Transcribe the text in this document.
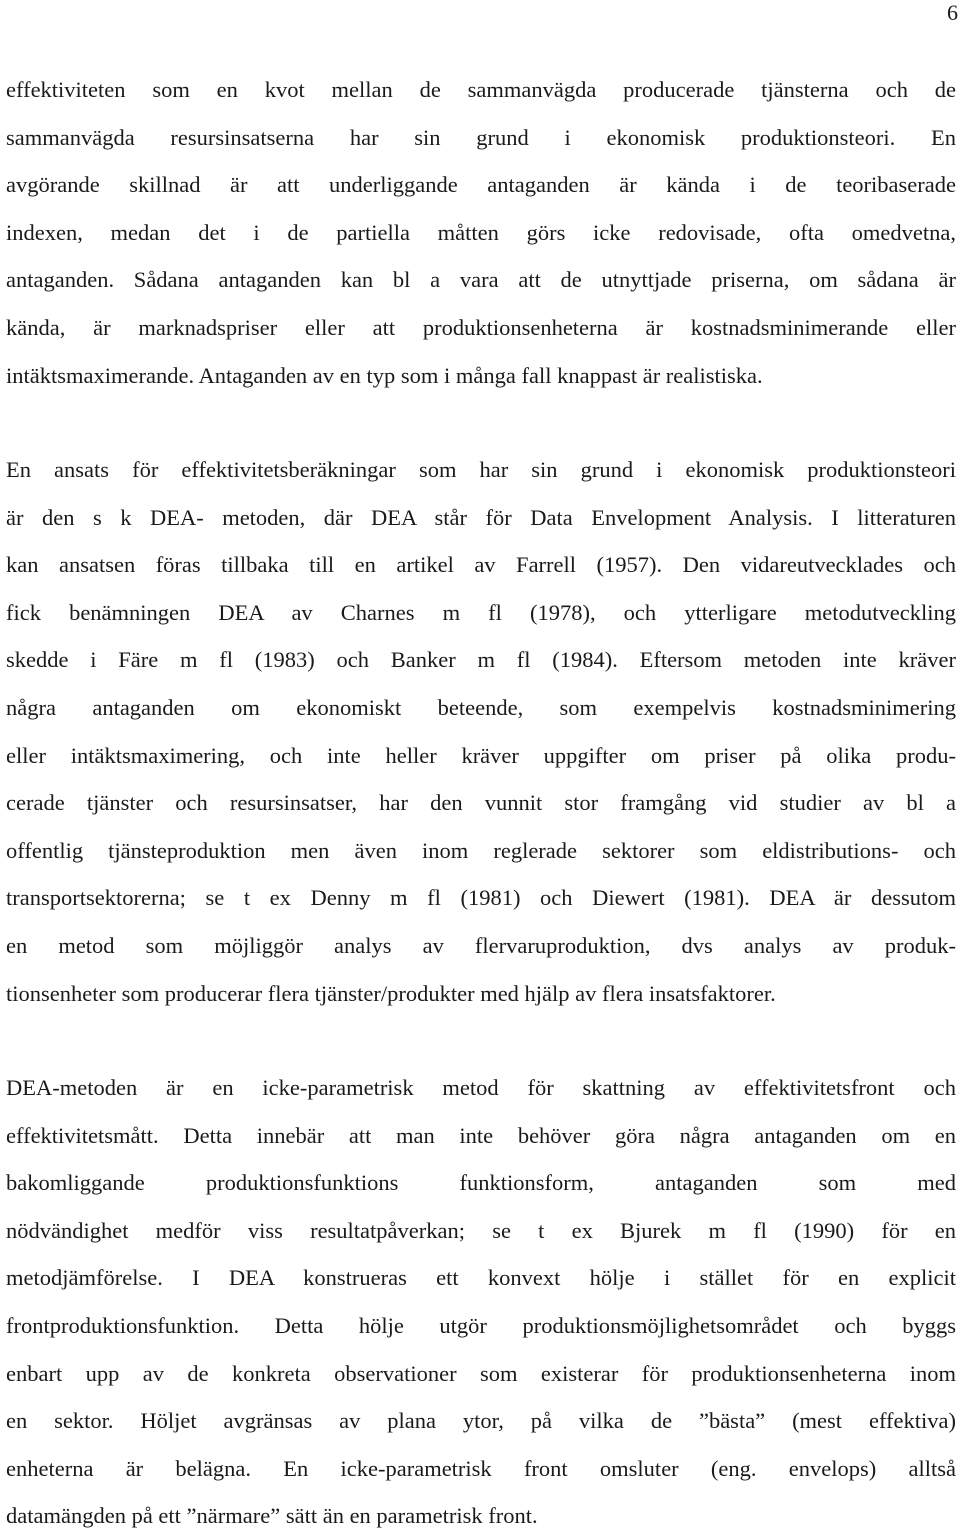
6
effektiviteten som en kvot mellan de sammanvägda producerade tjänsterna och de
sammanvägda resursinsatserna har sin grund i ekonomisk produktionsteori. En
avgörande skillnad är att underliggande antaganden är kända i de teoribaserade
indexen, medan det i de partiella måtten görs icke redovisade, ofta omedvetna,
antaganden. Sådana antaganden kan bl a vara att de utnyttjade priserna, om sådana är
kända, är marknadspriser eller att produktionsenheterna är kostnadsminimerande eller
intäktsmaximerande. Antaganden av en typ som i många fall knappast är realistiska.
En ansats för effektivitetsberäkningar som har sin grund i ekonomisk produktionsteori
är den s k DEA- metoden, där DEA står för Data Envelopment Analysis. I litteraturen
kan ansatsen föras tillbaka till en artikel av Farrell (1957). Den vidareutvecklades och
fick benämningen DEA av Charnes m fl (1978), och ytterligare metodutveckling
skedde i Färe m fl (1983) och Banker m fl (1984). Eftersom metoden inte kräver
några antaganden om ekonomiskt beteende, som exempelvis kostnadsminimering
eller intäktsmaximering, och inte heller kräver uppgifter om priser på olika produ-
cerade tjänster och resursinsatser, har den vunnit stor framgång vid studier av bl a
offentlig tjänsteproduktion men även inom reglerade sektorer som eldistributions- och
transportsektorerna; se t ex Denny m fl (1981) och Diewert (1981). DEA är dessutom
en metod som möjliggör analys av flervaruproduktion, dvs analys av produk-
tionsenheter som producerar flera tjänster/produkter med hjälp av flera insatsfaktorer.
DEA-metoden är en icke-parametrisk metod för skattning av effektivitetsfront och
effektivitetsmått. Detta innebär att man inte behöver göra några antaganden om en
bakomliggande produktionsfunktions funktionsform, antaganden som med
nödvändighet medför viss resultatpåverkan; se t ex Bjurek m fl (1990) för en
metodjämförelse. I DEA konstrueras ett konvext hölje i stället för en explicit
frontproduktionsfunktion. Detta hölje utgör produktionsmöjlighetsområdet och byggs
enbart upp av de konkreta observationer som existerar för produktionsenheterna inom
en sektor. Höljet avgränsas av plana ytor, på vilka de ”bästa” (mest effektiva)
enheterna är belägna. En icke-parametrisk front omsluter (eng. envelops) alltså
datamängden på ett ”närmare” sätt än en parametrisk front.
